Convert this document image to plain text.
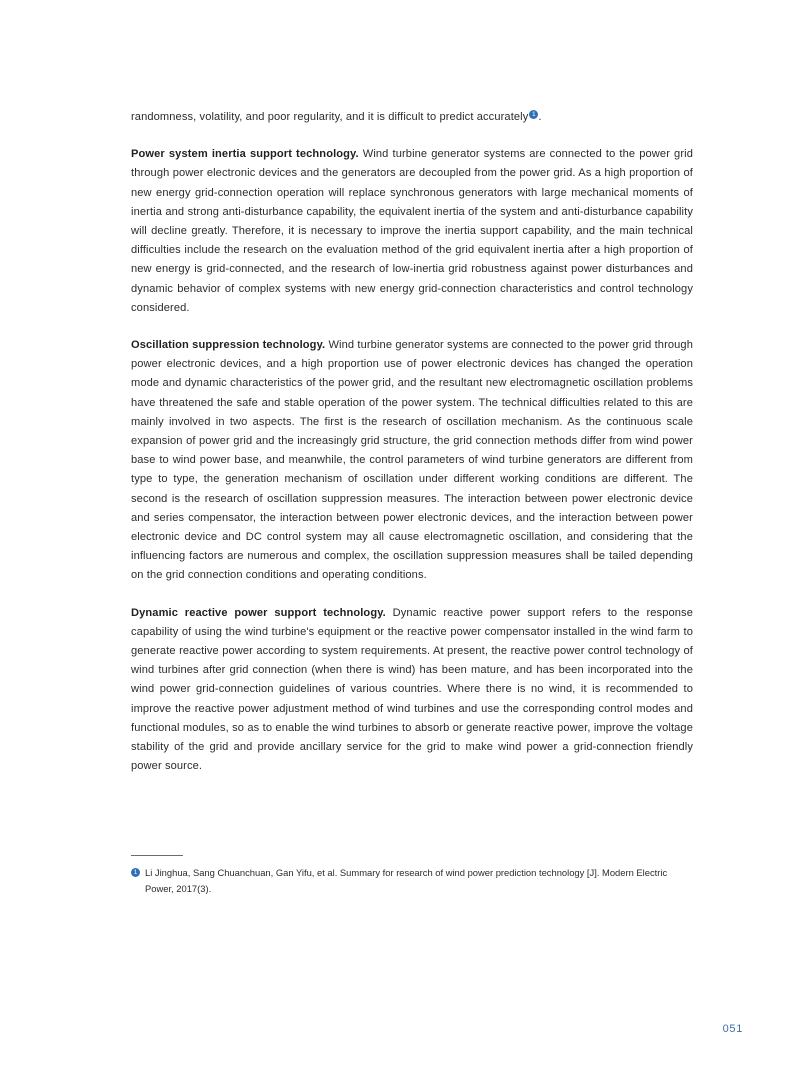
randomness, volatility, and poor regularity, and it is difficult to predict accurately 1 .

Power system inertia support technology. Wind turbine generator systems are connected to the power grid through power electronic devices and the generators are decoupled from the power grid. As a high proportion of new energy grid-connection operation will replace synchronous generators with large mechanical moments of inertia and strong anti-disturbance capability, the equivalent inertia of the system and anti-disturbance capability will decline greatly. Therefore, it is necessary to improve the inertia support capability, and the main technical difficulties include the research on the evaluation method of the grid equivalent inertia after a high proportion of new energy is grid-connected, and the research of low-inertia grid robustness against power disturbances and dynamic behavior of complex systems with new energy grid-connection characteristics and control technology considered.

Oscillation suppression technology. Wind turbine generator systems are connected to the power grid through power electronic devices, and a high proportion use of power electronic devices has changed the operation mode and dynamic characteristics of the power grid, and the resultant new electromagnetic oscillation problems have threatened the safe and stable operation of the power system. The technical difficulties related to this are mainly involved in two aspects. The first is the research of oscillation mechanism. As the continuous scale expansion of power grid and the increasingly grid structure, the grid connection methods differ from wind power base to wind power base, and meanwhile, the control parameters of wind turbine generators are different from type to type, the generation mechanism of oscillation under different working conditions are different. The second is the research of oscillation suppression measures. The interaction between power electronic device and series compensator, the interaction between power electronic devices, and the interaction between power electronic device and DC control system may all cause electromagnetic oscillation, and considering that the influencing factors are numerous and complex, the oscillation suppression measures shall be tailed depending on the grid connection conditions and operating conditions.

Dynamic reactive power support technology. Dynamic reactive power support refers to the response capability of using the wind turbine's equipment or the reactive power compensator installed in the wind farm to generate reactive power according to system requirements. At present, the reactive power control technology of wind turbines after grid connection (when there is wind) has been mature, and has been incorporated into the wind power grid-connection guidelines of various countries. Where there is no wind, it is recommended to improve the reactive power adjustment method of wind turbines and use the corresponding control modes and functional modules, so as to enable the wind turbines to absorb or generate reactive power, improve the voltage stability of the grid and provide ancillary service for the grid to make wind power a grid-connection friendly power source.

1 Li Jinghua, Sang Chuanchuan, Gan Yifu, et al. Summary for research of wind power prediction technology [J]. Modern Electric Power, 2017(3).
051
